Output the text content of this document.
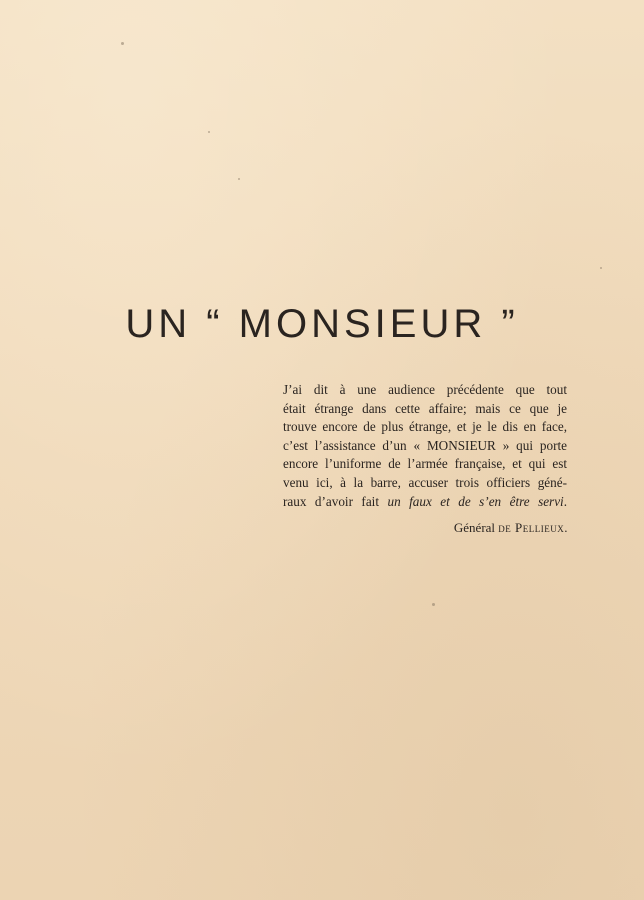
UN “ MONSIEUR ”

J’ai dit à une audience précédente que tout

était étrange dans cette affaire; mais ce que je

trouve encore de plus étrange, et je le dis en face,

c’est l’assistance d’un « MONSIEUR » qui porte

encore l’uniforme de l’armée française, et qui est

venu ici, à la barre, accuser trois officiers géné-

raux d’avoir fait un faux et de s’en être servi.

Général de Pellieux.
